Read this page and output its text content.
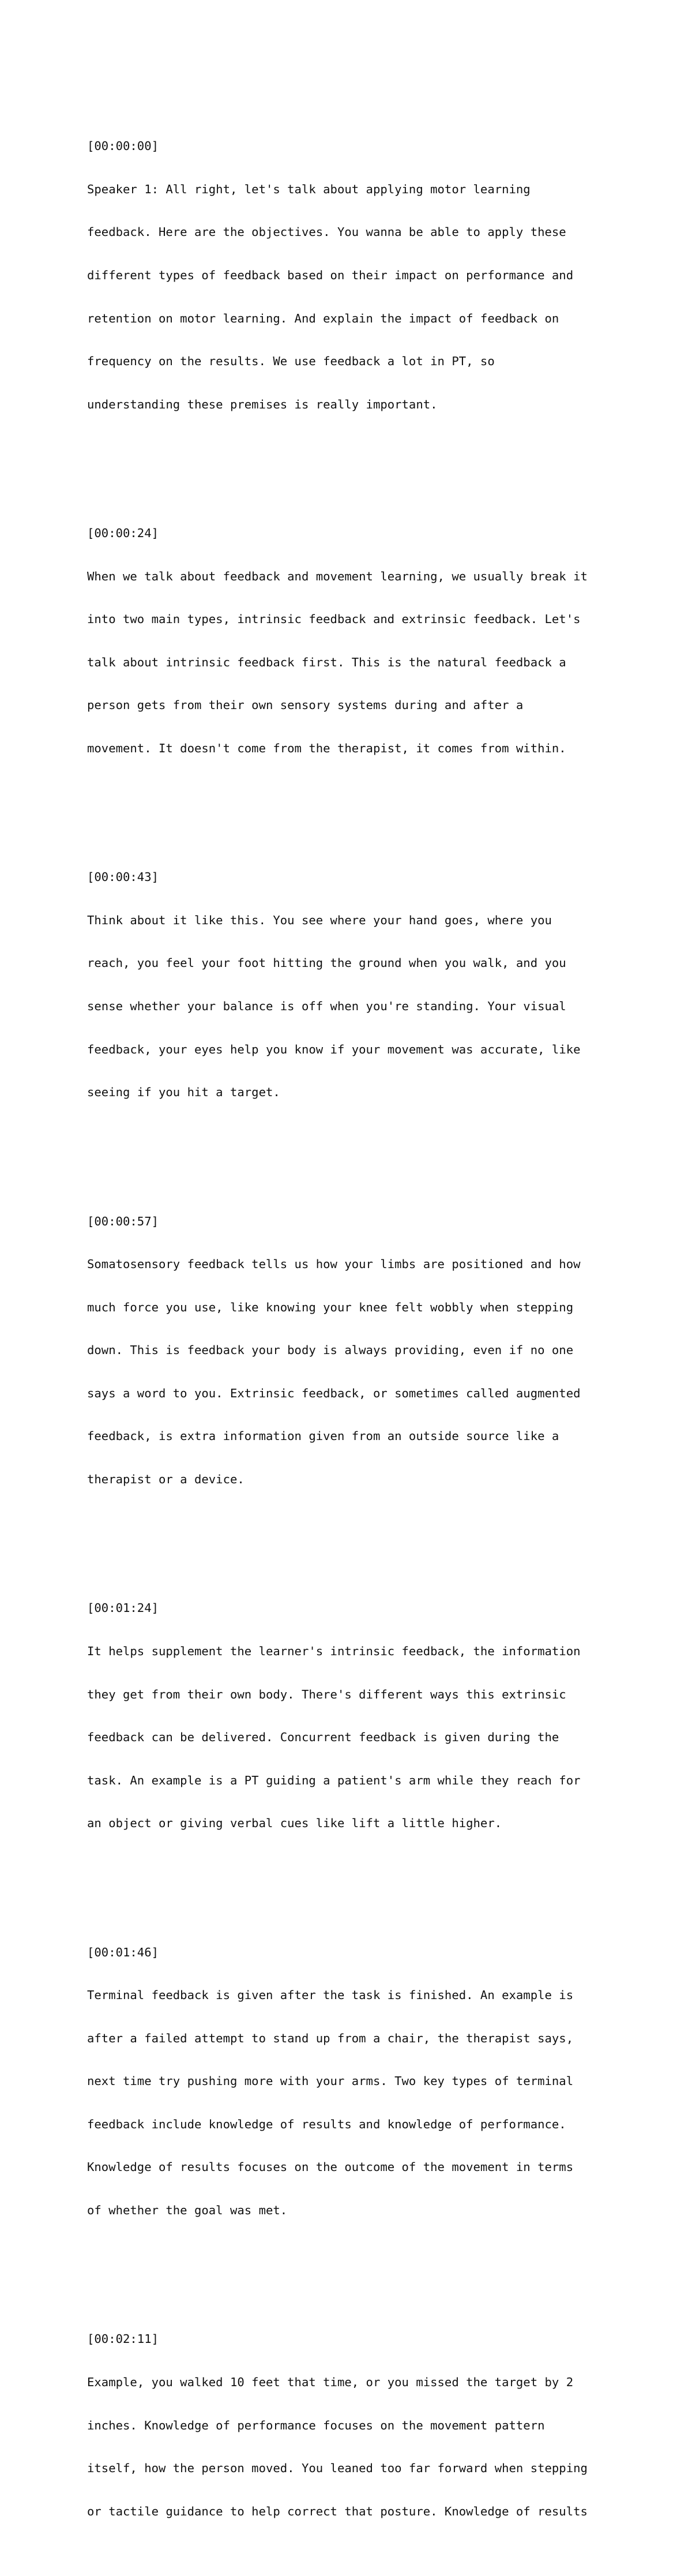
[00:00:00]

Speaker 1: All right, let's talk about applying motor learning

feedback. Here are the objectives. You wanna be able to apply these

different types of feedback based on their impact on performance and

retention on motor learning. And explain the impact of feedback on

frequency on the results. We use feedback a lot in PT, so

understanding these premises is really important.

[00:00:24]

When we talk about feedback and movement learning, we usually break it

into two main types, intrinsic feedback and extrinsic feedback. Let's

talk about intrinsic feedback first. This is the natural feedback a

person gets from their own sensory systems during and after a

movement. It doesn't come from the therapist, it comes from within.

[00:00:43]

Think about it like this. You see where your hand goes, where you

reach, you feel your foot hitting the ground when you walk, and you

sense whether your balance is off when you're standing. Your visual

feedback, your eyes help you know if your movement was accurate, like

seeing if you hit a target.

[00:00:57]

Somatosensory feedback tells us how your limbs are positioned and how

much force you use, like knowing your knee felt wobbly when stepping

down. This is feedback your body is always providing, even if no one

says a word to you. Extrinsic feedback, or sometimes called augmented

feedback, is extra information given from an outside source like a

therapist or a device.

[00:01:24]

It helps supplement the learner's intrinsic feedback, the information

they get from their own body. There's different ways this extrinsic

feedback can be delivered. Concurrent feedback is given during the

task. An example is a PT guiding a patient's arm while they reach for

an object or giving verbal cues like lift a little higher.

[00:01:46]

Terminal feedback is given after the task is finished. An example is

after a failed attempt to stand up from a chair, the therapist says,

next time try pushing more with your arms. Two key types of terminal

feedback include knowledge of results and knowledge of performance.

Knowledge of results focuses on the outcome of the movement in terms

of whether the goal was met.

[00:02:11]

Example, you walked 10 feet that time, or you missed the target by 2

inches. Knowledge of performance focuses on the movement pattern

itself, how the person moved. You leaned too far forward when stepping

or tactile guidance to help correct that posture. Knowledge of results
